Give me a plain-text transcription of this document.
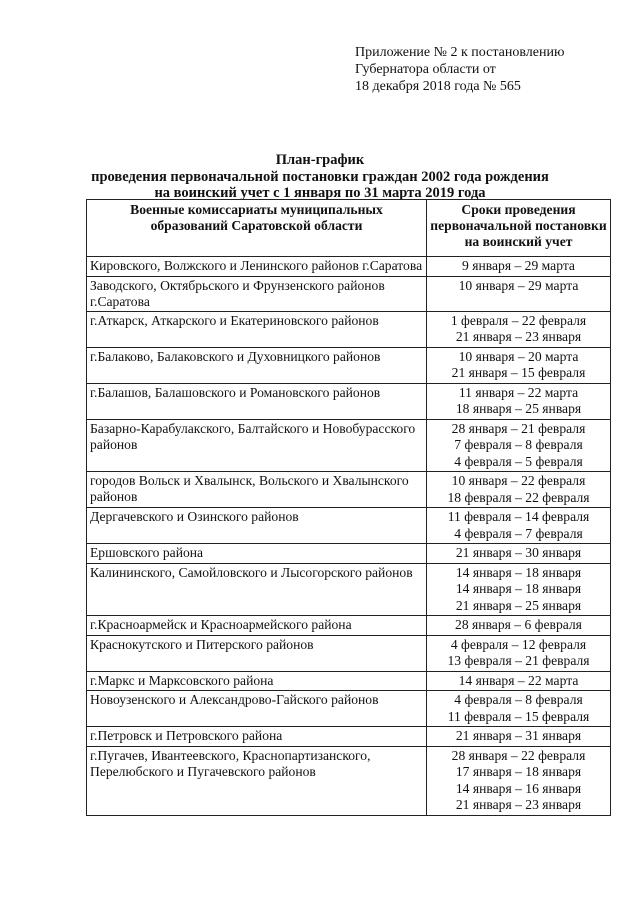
Приложение № 2 к постановлению
Губернатора области от
18 декабря 2018 года № 565
План-график
проведения первоначальной постановки граждан 2002 года рождения
на воинский учет с 1 января по 31 марта 2019 года
Военные комиссариаты муниципальных образований Саратовской области	Сроки проведения первоначальной постановки на воинский учет
Кировского, Волжского и Ленинского районов г.Саратова	9 января – 29 марта

Заводского, Октябрьского и Фрунзенского районов г.Саратова	10 января – 29 марта

г.Аткарск, Аткарского и Екатериновского районов	1 февраля – 22 февраля
21 января – 23 января

г.Балаково, Балаковского и Духовницкого районов	10 января – 20 марта
21 января – 15 февраля

г.Балашов, Балашовского и Романовского районов	11 января – 22 марта
18 января – 25 января

Базарно-Карабулакского, Балтайского и Новобурасского районов	28 января – 21 февраля
7 февраля – 8 февраля
4 февраля – 5 февраля

городов Вольск и Хвалынск, Вольского и Хвалынского районов	10 января – 22 февраля
18 февраля – 22 февраля

Дергачевского и Озинского районов	11 февраля – 14 февраля
4 февраля – 7 февраля

Ершовского района	21 января – 30 января

Калининского, Самойловского и Лысогорского районов	14 января – 18 января
14 января – 18 января
21 января – 25 января

г.Красноармейск и Красноармейского района	28 января – 6 февраля

Краснокутского и Питерского районов	4 февраля – 12 февраля
13 февраля – 21 февраля

г.Маркс и Марксовского района	14 января – 22 марта

Новоузенского и Александрово-Гайского районов	4 февраля – 8 февраля
11 февраля – 15 февраля

г.Петровск и Петровского района	21 января – 31 января

г.Пугачев, Ивантеевского, Краснопартизанского, Перелюбского и Пугачевского районов	28 января – 22 февраля
17 января – 18 января
14 января – 16 января
21 января – 23 января
